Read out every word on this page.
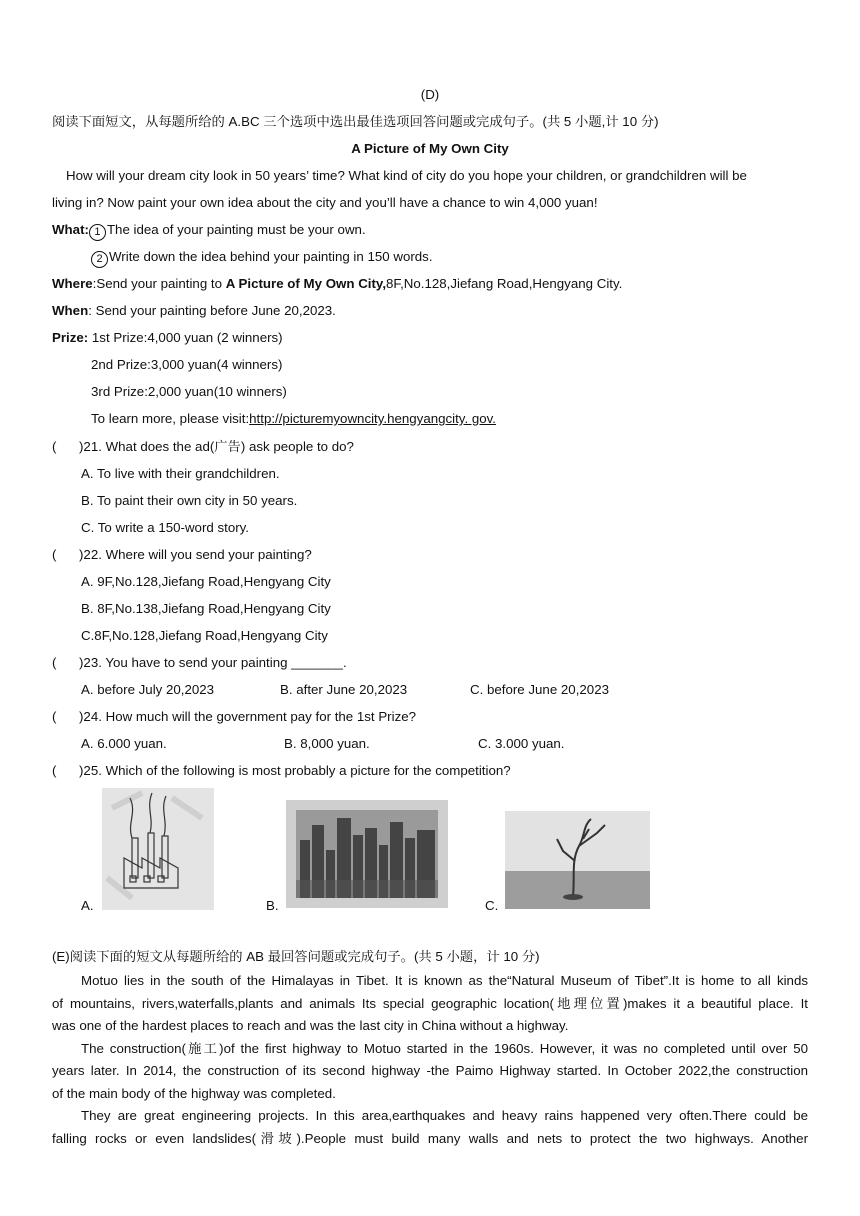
(D)
阅读下面短文，从每题所给的 A.BC 三个选项中选出最佳选项回答问题或完成句子。(共 5 小题,计 10 分)
A Picture of My Own City
How will your dream city look in 50 years’ time? What kind of city do you hope your children, or grandchildren will be
living in? Now paint your own idea about the city and you’ll have a chance to win 4,000 yuan!
What: 1 The idea of your painting must be your own.
2 Write down the idea behind your painting in 150 words.
Where:Send your painting to A Picture of My Own City,8F,No.128,Jiefang Road,Hengyang City.
When: Send your painting before June 20,2023.
Prize: 1st Prize:4,000 yuan (2 winners)
2nd Prize:3,000 yuan(4 winners)
3rd Prize:2,000 yuan(10 winners)
To learn more, please visit:http://picturemyowncity.hengyangcity. gov.
( )21. What does the ad(广告) ask people to do?
A. To live with their grandchildren.
B. To paint their own city in 50 years.
C. To write a 150-word story.
( )22. Where will you send your painting?
A. 9F,No.128,Jiefang Road,Hengyang City
B. 8F,No.138,Jiefang Road,Hengyang City
C.8F,No.128,Jiefang Road,Hengyang City
( )23. You have to send your painting _______.
A. before July 20,2023	B. after June 20,2023	C. before June 20,2023
( )24. How much will the government pay for the 1st Prize?
A. 6.000 yuan.	B. 8,000 yuan.	C. 3.000 yuan.
( )25. Which of the following is most probably a picture for the competition?
A.	B.	C.
(E)阅读下面的短文从每题所给的 AB 最回答问题或完成句子。(共 5 小题，计 10 分)
Motuo lies in the south of the Himalayas in Tibet. It is known as the“Natural Museum of Tibet”.It is home to all kinds
of mountains, rivers,waterfalls,plants and animals Its special geographic location(地理位置)makes it a beautiful place. It
was one of the hardest places to reach and was the last city in China without a highway.
The construction(施工)of the first highway to Motuo started in the 1960s. However, it was no completed until over 50
years later. In 2014, the construction of its second highway -the Paimo Highway started. In October 2022,the construction
of the main body of the highway was completed.
They are great engineering projects. In this area,earthquakes and heavy rains happened very often.There could be
falling rocks or even landslides(滑坡).People must build many walls and nets to protect the two highways. Another
